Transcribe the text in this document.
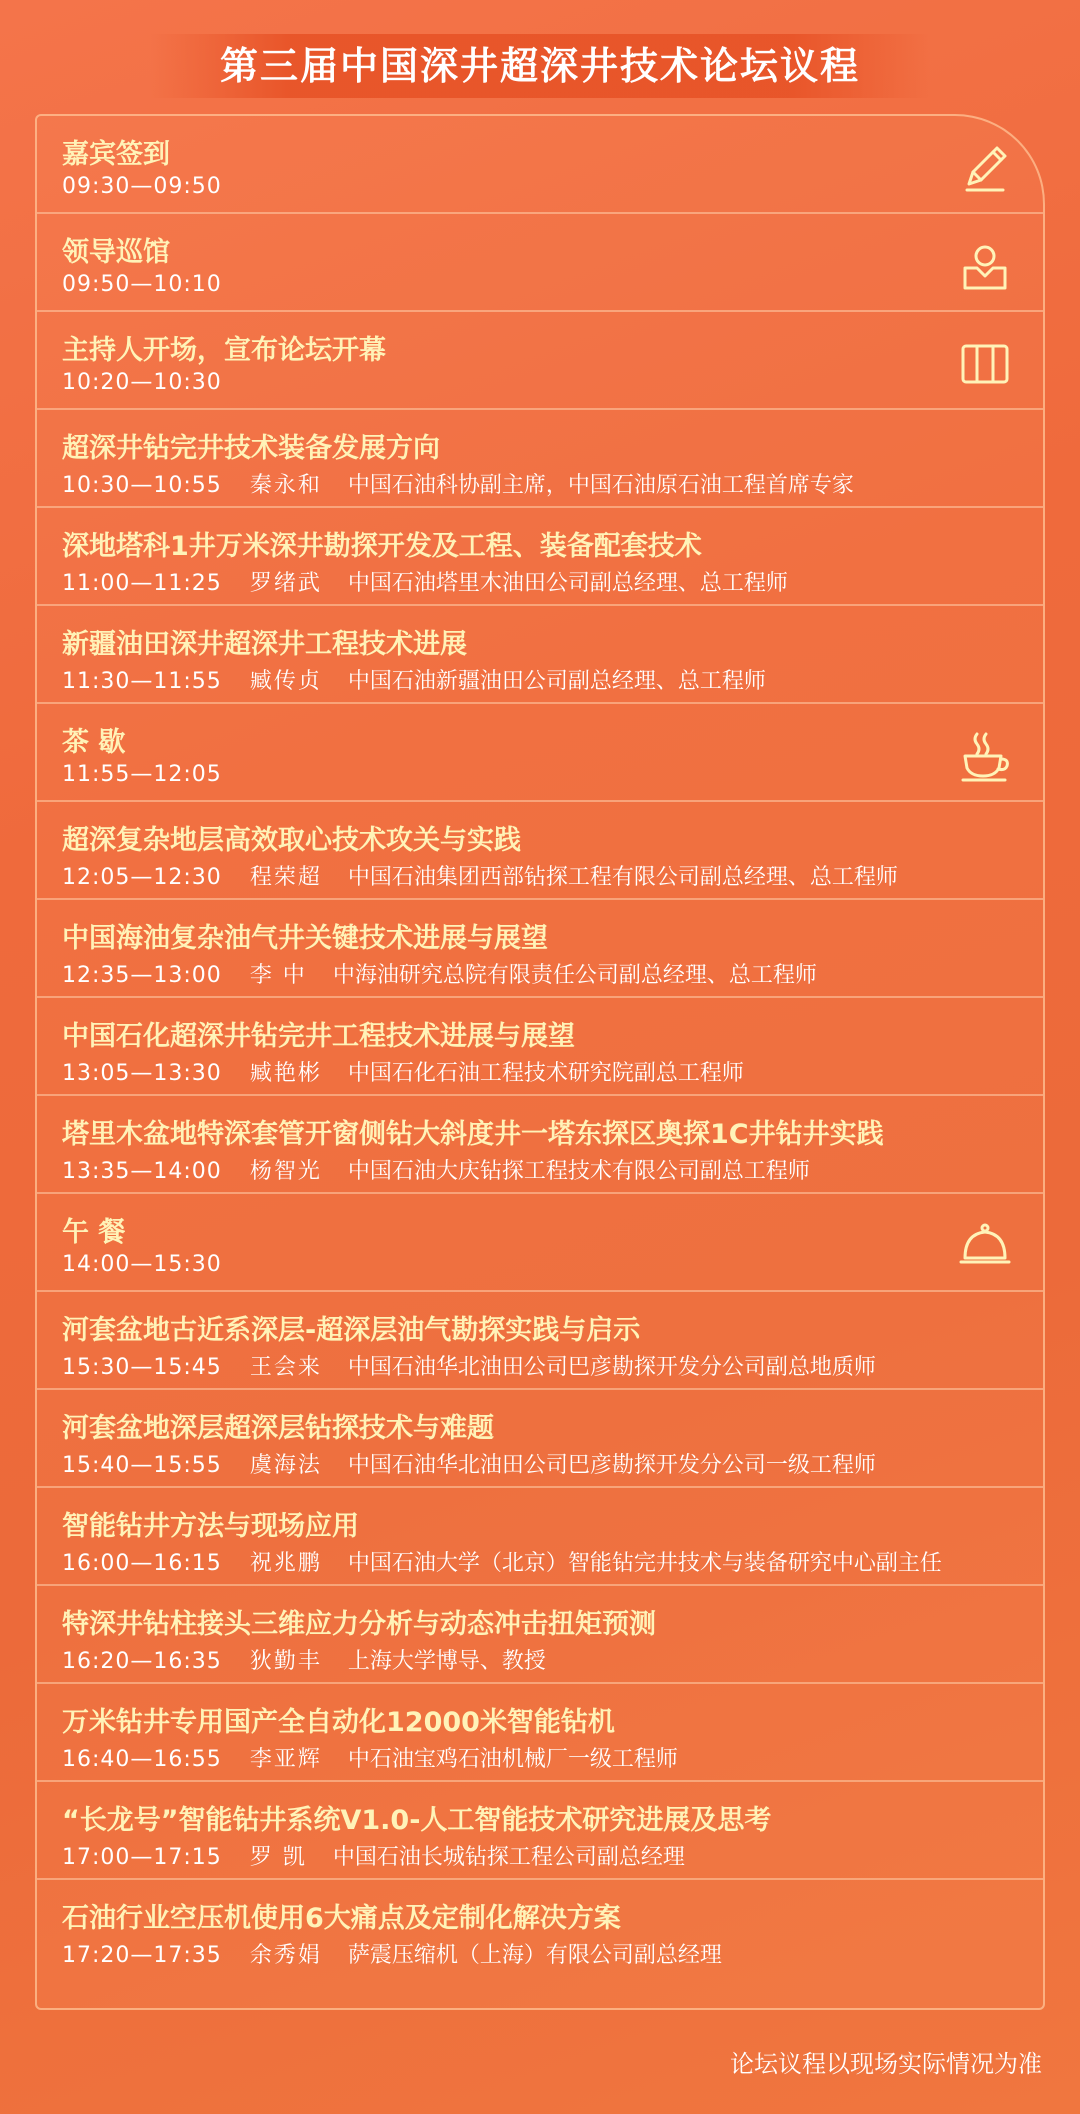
第三届中国深井超深井技术论坛议程
嘉宾签到
09:30—09:50
领导巡馆
09:50—10:10
主持人开场，宣布论坛开幕
10:20—10:30
超深井钻完井技术装备发展方向
10:30—10:55 秦永和 中国石油科协副主席，中国石油原石油工程首席专家
深地塔科1井万米深井勘探开发及工程、装备配套技术
11:00—11:25 罗绪武 中国石油塔里木油田公司副总经理、总工程师
新疆油田深井超深井工程技术进展
11:30—11:55 臧传贞 中国石油新疆油田公司副总经理、总工程师
茶 歇
11:55—12:05
超深复杂地层高效取心技术攻关与实践
12:05—12:30 程荣超 中国石油集团西部钻探工程有限公司副总经理、总工程师
中国海油复杂油气井关键技术进展与展望
12:35—13:00 李 中 中海油研究总院有限责任公司副总经理、总工程师
中国石化超深井钻完井工程技术进展与展望
13:05—13:30 臧艳彬 中国石化石油工程技术研究院副总工程师
塔里木盆地特深套管开窗侧钻大斜度井一塔东探区奥探1C井钻井实践
13:35—14:00 杨智光 中国石油大庆钻探工程技术有限公司副总工程师
午 餐
14:00—15:30
河套盆地古近系深层-超深层油气勘探实践与启示
15:30—15:45 王会来 中国石油华北油田公司巴彦勘探开发分公司副总地质师
河套盆地深层超深层钻探技术与难题
15:40—15:55 虞海法 中国石油华北油田公司巴彦勘探开发分公司一级工程师
智能钻井方法与现场应用
16:00—16:15 祝兆鹏 中国石油大学（北京）智能钻完井技术与装备研究中心副主任
特深井钻柱接头三维应力分析与动态冲击扭矩预测
16:20—16:35 狄勤丰 上海大学博导、教授
万米钻井专用国产全自动化12000米智能钻机
16:40—16:55 李亚辉 中石油宝鸡石油机械厂一级工程师
“长龙号”智能钻井系统V1.0-人工智能技术研究进展及思考
17:00—17:15 罗 凯 中国石油长城钻探工程公司副总经理
石油行业空压机使用6大痛点及定制化解决方案
17:20—17:35 余秀娟 萨震压缩机（上海）有限公司副总经理
论坛议程以现场实际情况为准
